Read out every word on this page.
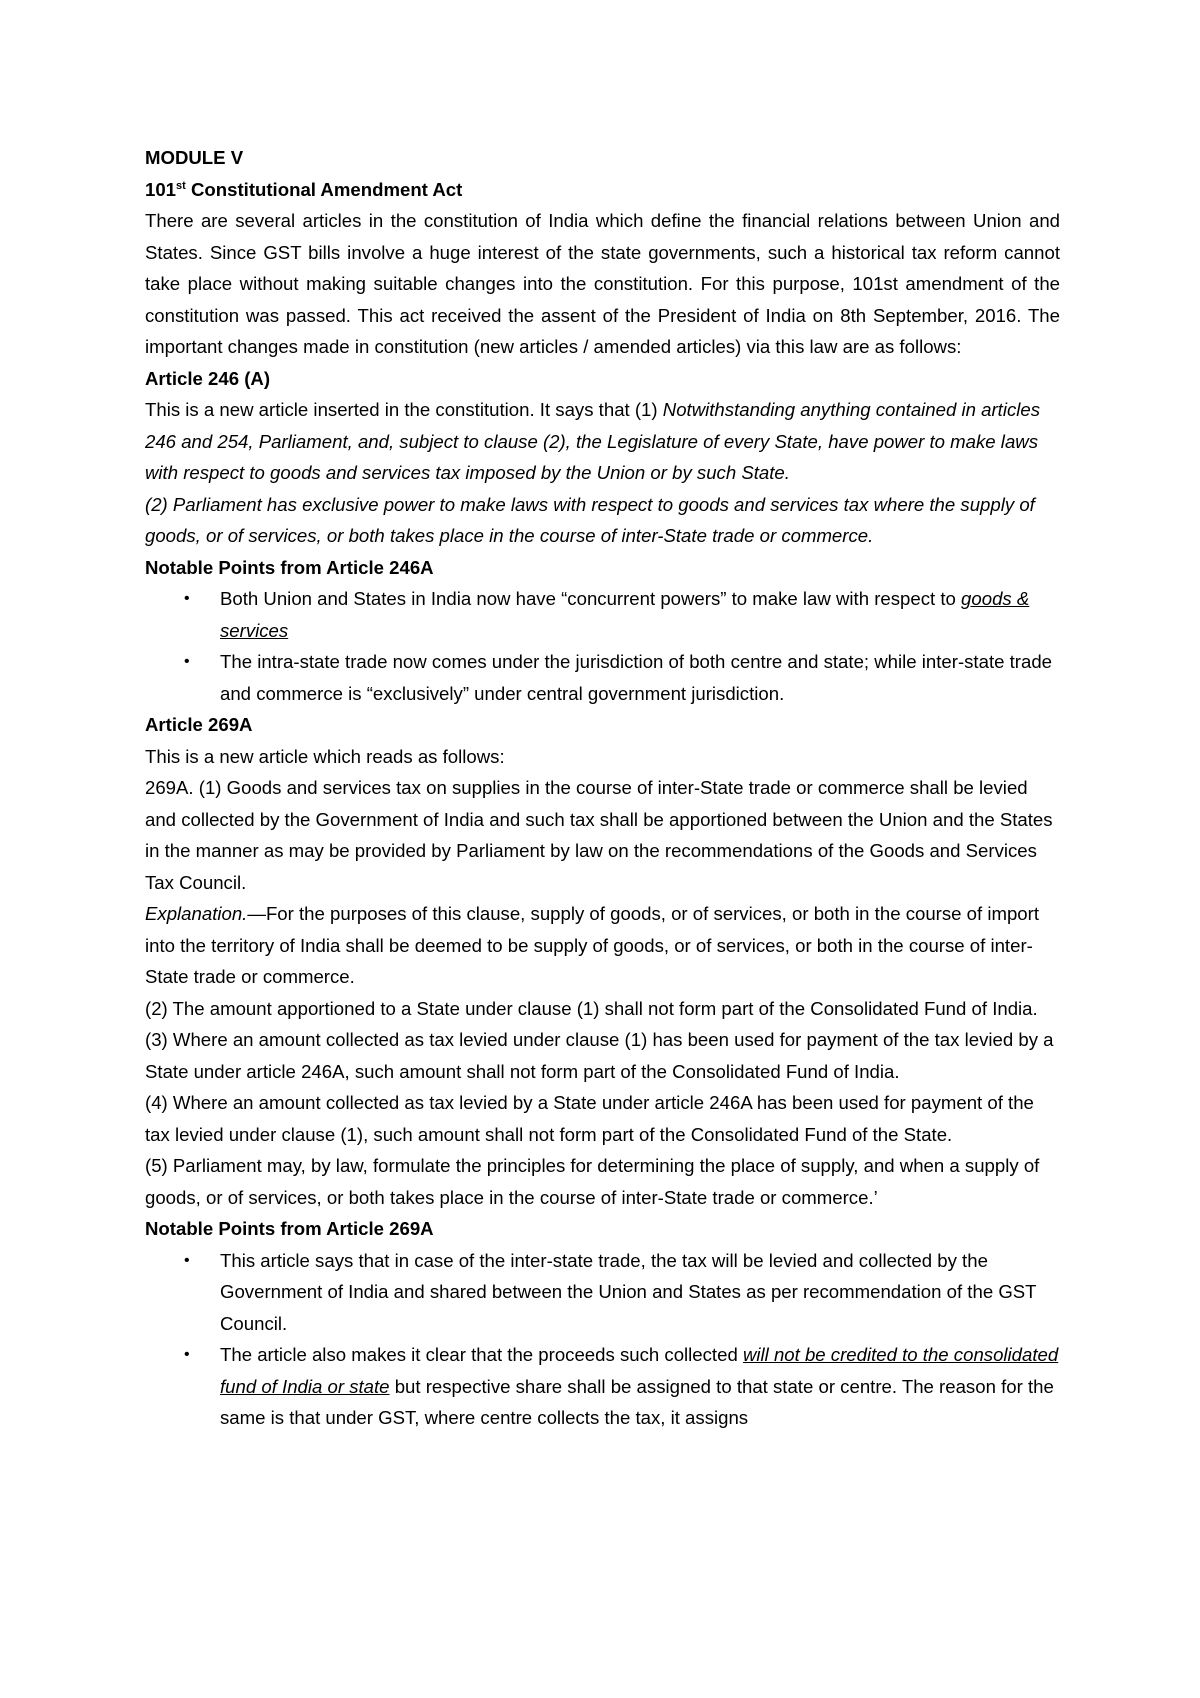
MODULE V

101st Constitutional Amendment Act

There are several articles in the constitution of India which define the financial relations between Union and States. Since GST bills involve a huge interest of the state governments, such a historical tax reform cannot take place without making suitable changes into the constitution. For this purpose, 101st amendment of the constitution was passed. This act received the assent of the President of India on 8th September, 2016. The important changes made in constitution (new articles / amended articles) via this law are as follows:

Article 246 (A)

This is a new article inserted in the constitution. It says that (1) Notwithstanding anything contained in articles 246 and 254, Parliament, and, subject to clause (2), the Legislature of every State, have power to make laws with respect to goods and services tax imposed by the Union or by such State.

(2) Parliament has exclusive power to make laws with respect to goods and services tax where the supply of goods, or of services, or both takes place in the course of inter-State trade or commerce.

Notable Points from Article 246A

• Both Union and States in India now have “concurrent powers” to make law with respect to goods & services
• The intra-state trade now comes under the jurisdiction of both centre and state; while inter-state trade and commerce is “exclusively” under central government jurisdiction.

Article 269A

This is a new article which reads as follows:

269A. (1) Goods and services tax on supplies in the course of inter-State trade or commerce shall be levied and collected by the Government of India and such tax shall be apportioned between the Union and the States in the manner as may be provided by Parliament by law on the recommendations of the Goods and Services Tax Council.

Explanation.—For the purposes of this clause, supply of goods, or of services, or both in the course of import into the territory of India shall be deemed to be supply of goods, or of services, or both in the course of inter-State trade or commerce.

(2) The amount apportioned to a State under clause (1) shall not form part of the Consolidated Fund of India.

(3) Where an amount collected as tax levied under clause (1) has been used for payment of the tax levied by a State under article 246A, such amount shall not form part of the Consolidated Fund of India.

(4) Where an amount collected as tax levied by a State under article 246A has been used for payment of the tax levied under clause (1), such amount shall not form part of the Consolidated Fund of the State.

(5) Parliament may, by law, formulate the principles for determining the place of supply, and when a supply of goods, or of services, or both takes place in the course of inter-State trade or commerce.’

Notable Points from Article 269A

• This article says that in case of the inter-state trade, the tax will be levied and collected by the Government of India and shared between the Union and States as per recommendation of the GST Council.
• The article also makes it clear that the proceeds such collected will not be credited to the consolidated fund of India or state but respective share shall be assigned to that state or centre. The reason for the same is that under GST, where centre collects the tax, it assigns
